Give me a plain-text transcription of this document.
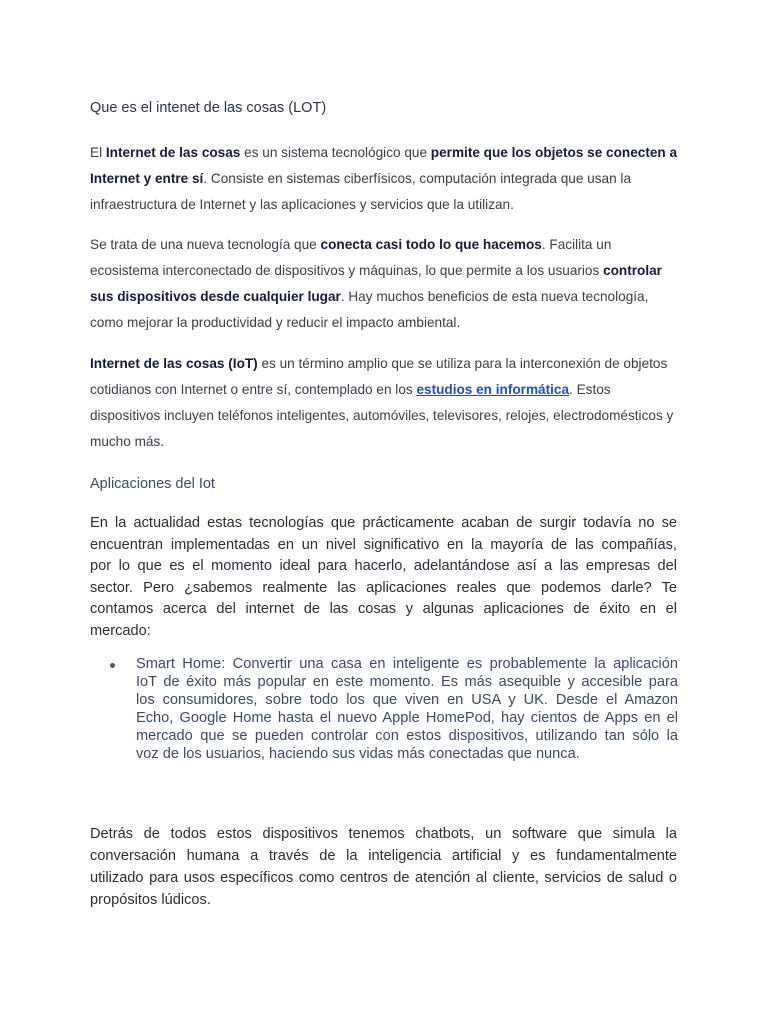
Que es el intenet de las cosas (LOT)

El Internet de las cosas es un sistema tecnológico que permite que los objetos se conecten a Internet y entre sí. Consiste en sistemas ciberfísicos, computación integrada que usan la infraestructura de Internet y las aplicaciones y servicios que la utilizan.

Se trata de una nueva tecnología que conecta casi todo lo que hacemos. Facilita un ecosistema interconectado de dispositivos y máquinas, lo que permite a los usuarios controlar sus dispositivos desde cualquier lugar. Hay muchos beneficios de esta nueva tecnología, como mejorar la productividad y reducir el impacto ambiental.

Internet de las cosas (IoT) es un término amplio que se utiliza para la interconexión de objetos cotidianos con Internet o entre sí, contemplado en los estudios en informática. Estos dispositivos incluyen teléfonos inteligentes, automóviles, televisores, relojes, electrodomésticos y mucho más.

Aplicaciones del Iot
En la actualidad estas tecnologías que prácticamente acaban de surgir todavía no se
encuentran implementadas en un nivel significativo en la mayoría de las compañías,
por lo que es el momento ideal para hacerlo, adelantándose así a las empresas del
sector. Pero ¿sabemos realmente las aplicaciones reales que podemos darle? Te
contamos acerca del internet de las cosas y algunas aplicaciones de éxito en el
mercado:
Smart Home: Convertir una casa en inteligente es probablemente la aplicación
IoT de éxito más popular en este momento. Es más asequible y accesible para
los consumidores, sobre todo los que viven en USA y UK. Desde el Amazon
Echo, Google Home hasta el nuevo Apple HomePod, hay cientos de Apps en el
mercado que se pueden controlar con estos dispositivos, utilizando tan sólo la
voz de los usuarios, haciendo sus vidas más conectadas que nunca.
Detrás de todos estos dispositivos tenemos chatbots, un software que simula la
conversación humana a través de la inteligencia artificial y es fundamentalmente
utilizado para usos específicos como centros de atención al cliente, servicios de salud o
propósitos lúdicos.
